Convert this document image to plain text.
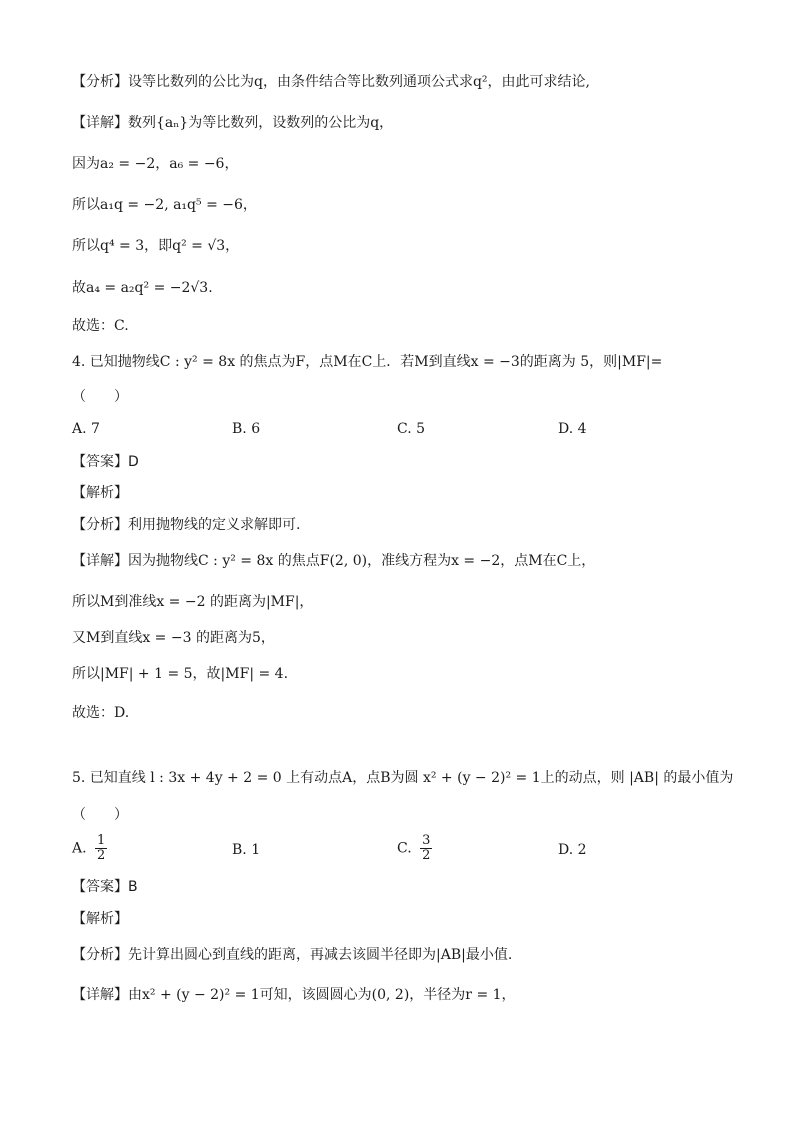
【分析】设等比数列的公比为q，由条件结合等比数列通项公式求q²，由此可求结论,
【详解】数列{aₙ}为等比数列，设数列的公比为q，
因为a₂ = −2，a₆ = −6，
所以a₁q = −2, a₁q⁵ = −6，
所以q⁴ = 3，即q² = √3，
故a₄ = a₂q² = −2√3.
故选：C.
4. 已知抛物线C : y² = 8x 的焦点为F，点M在C上．若M到直线x = −3的距离为 5，则|MF|=
（　　）
A. 7	B. 6	C. 5	D. 4
【答案】D
【解析】
【分析】利用抛物线的定义求解即可.
【详解】因为抛物线C : y² = 8x 的焦点F(2, 0)，准线方程为x = −2，点M在C上，
所以M到准线x = −2 的距离为|MF|，
又M到直线x = −3 的距离为5，
所以|MF| + 1 = 5，故|MF| = 4.
故选：D.
5. 已知直线 l : 3x + 4y + 2 = 0 上有动点A，点B为圆 x² + (y − 2)² = 1上的动点，则 |AB| 的最小值为
（　　）
A. $\frac{1}{2}$	B. 1	C. $\frac{3}{2}$	D. 2
【答案】B
【解析】
【分析】先计算出圆心到直线的距离，再减去该圆半径即为|AB|最小值.
【详解】由x² + (y − 2)² = 1可知，该圆圆心为(0, 2)，半径为r = 1，
